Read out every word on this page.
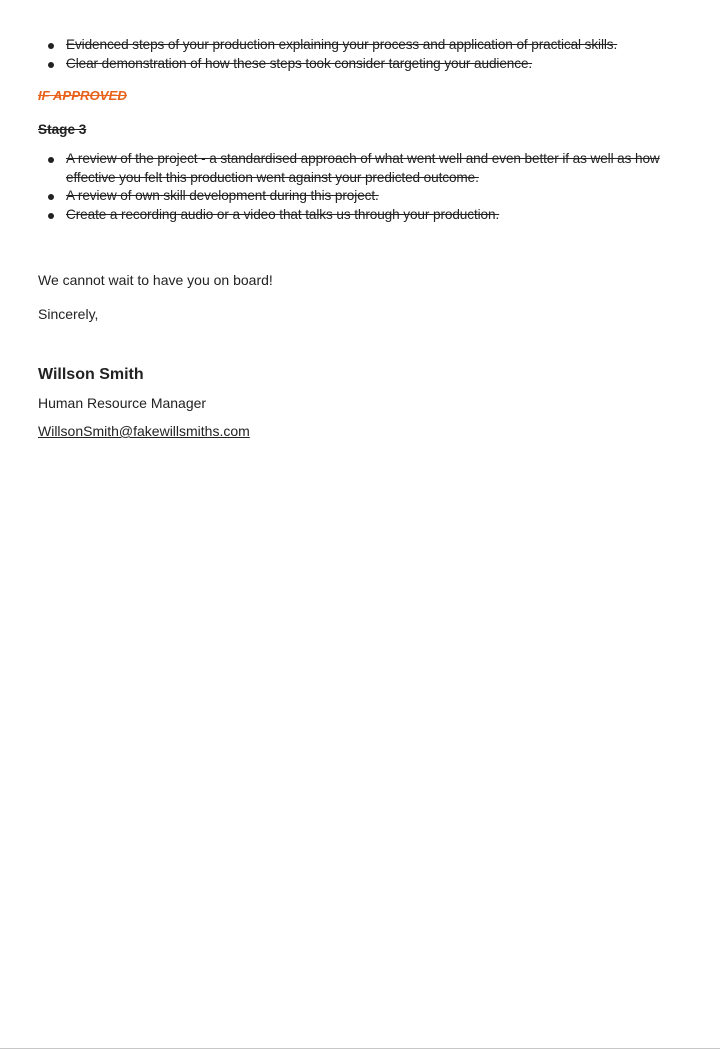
Evidenced steps of your production explaining your process and application of practical skills.
Clear demonstration of how these steps took consider targeting your audience.
IF APPROVED
Stage 3
A review of the project - a standardised approach of what went well and even better if as well as how effective you felt this production went against your predicted outcome.
A review of own skill development during this project.
Create a recording audio or a video that talks us through your production.
We cannot wait to have you on board!
Sincerely,
Willson Smith
Human Resource Manager
WillsonSmith@fakewillsmiths.com
